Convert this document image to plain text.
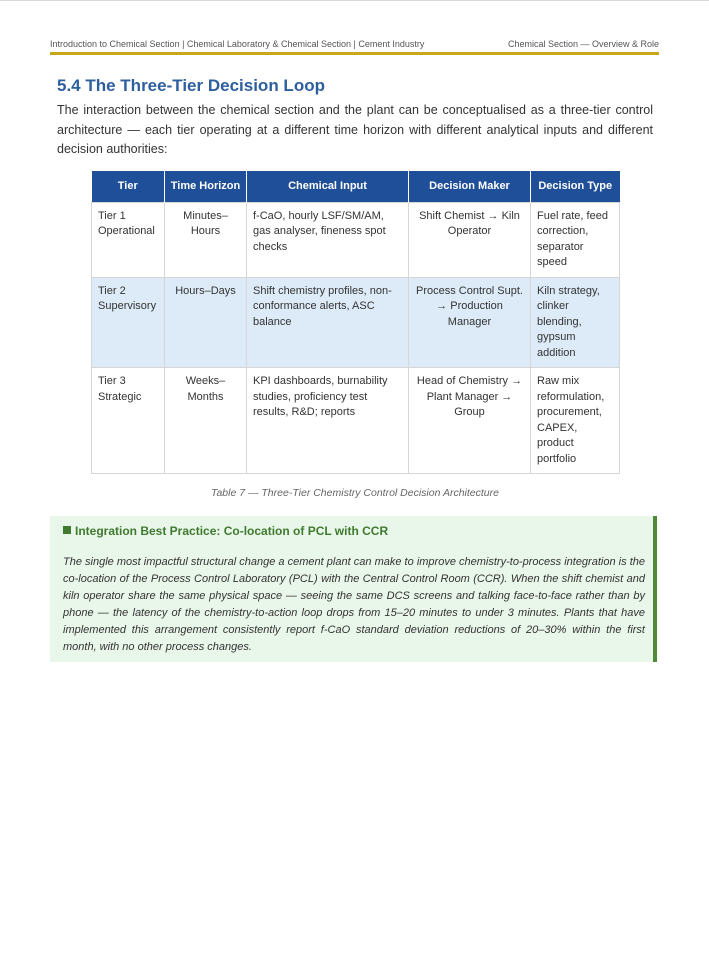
Introduction to Chemical Section | Chemical Laboratory & Chemical Section | Cement Industry	Chemical Section — Overview & Role
5.4 The Three-Tier Decision Loop

The interaction between the chemical section and the plant can be conceptualised as a three-tier control architecture — each tier operating at a different time horizon with different analytical inputs and different decision authorities:

Tier	Time Horizon	Chemical Input	Decision Maker	Decision Type
Tier 1 Operational	Minutes–Hours	f-CaO, hourly LSF/SM/AM, gas analyser, fineness spot checks	Shift Chemist → Kiln Operator	Fuel rate, feed correction, separator speed
Tier 2 Supervisory	Hours–Days	Shift chemistry profiles, non-conformance alerts, ASC balance	Process Control Supt. → Production Manager	Kiln strategy, clinker blending, gypsum addition
Tier 3 Strategic	Weeks–Months	KPI dashboards, burnability studies, proficiency test results, R&D; reports	Head of Chemistry → Plant Manager → Group	Raw mix reformulation, procurement, CAPEX, product portfolio
Table 7 — Three-Tier Chemistry Control Decision Architecture
Integration Best Practice: Co-location of PCL with CCR

The single most impactful structural change a cement plant can make to improve chemistry-to-process integration is the co-location of the Process Control Laboratory (PCL) with the Central Control Room (CCR). When the shift chemist and kiln operator share the same physical space — seeing the same DCS screens and talking face-to-face rather than by phone — the latency of the chemistry-to-action loop drops from 15–20 minutes to under 3 minutes. Plants that have implemented this arrangement consistently report f-CaO standard deviation reductions of 20–30% within the first month, with no other process changes.
